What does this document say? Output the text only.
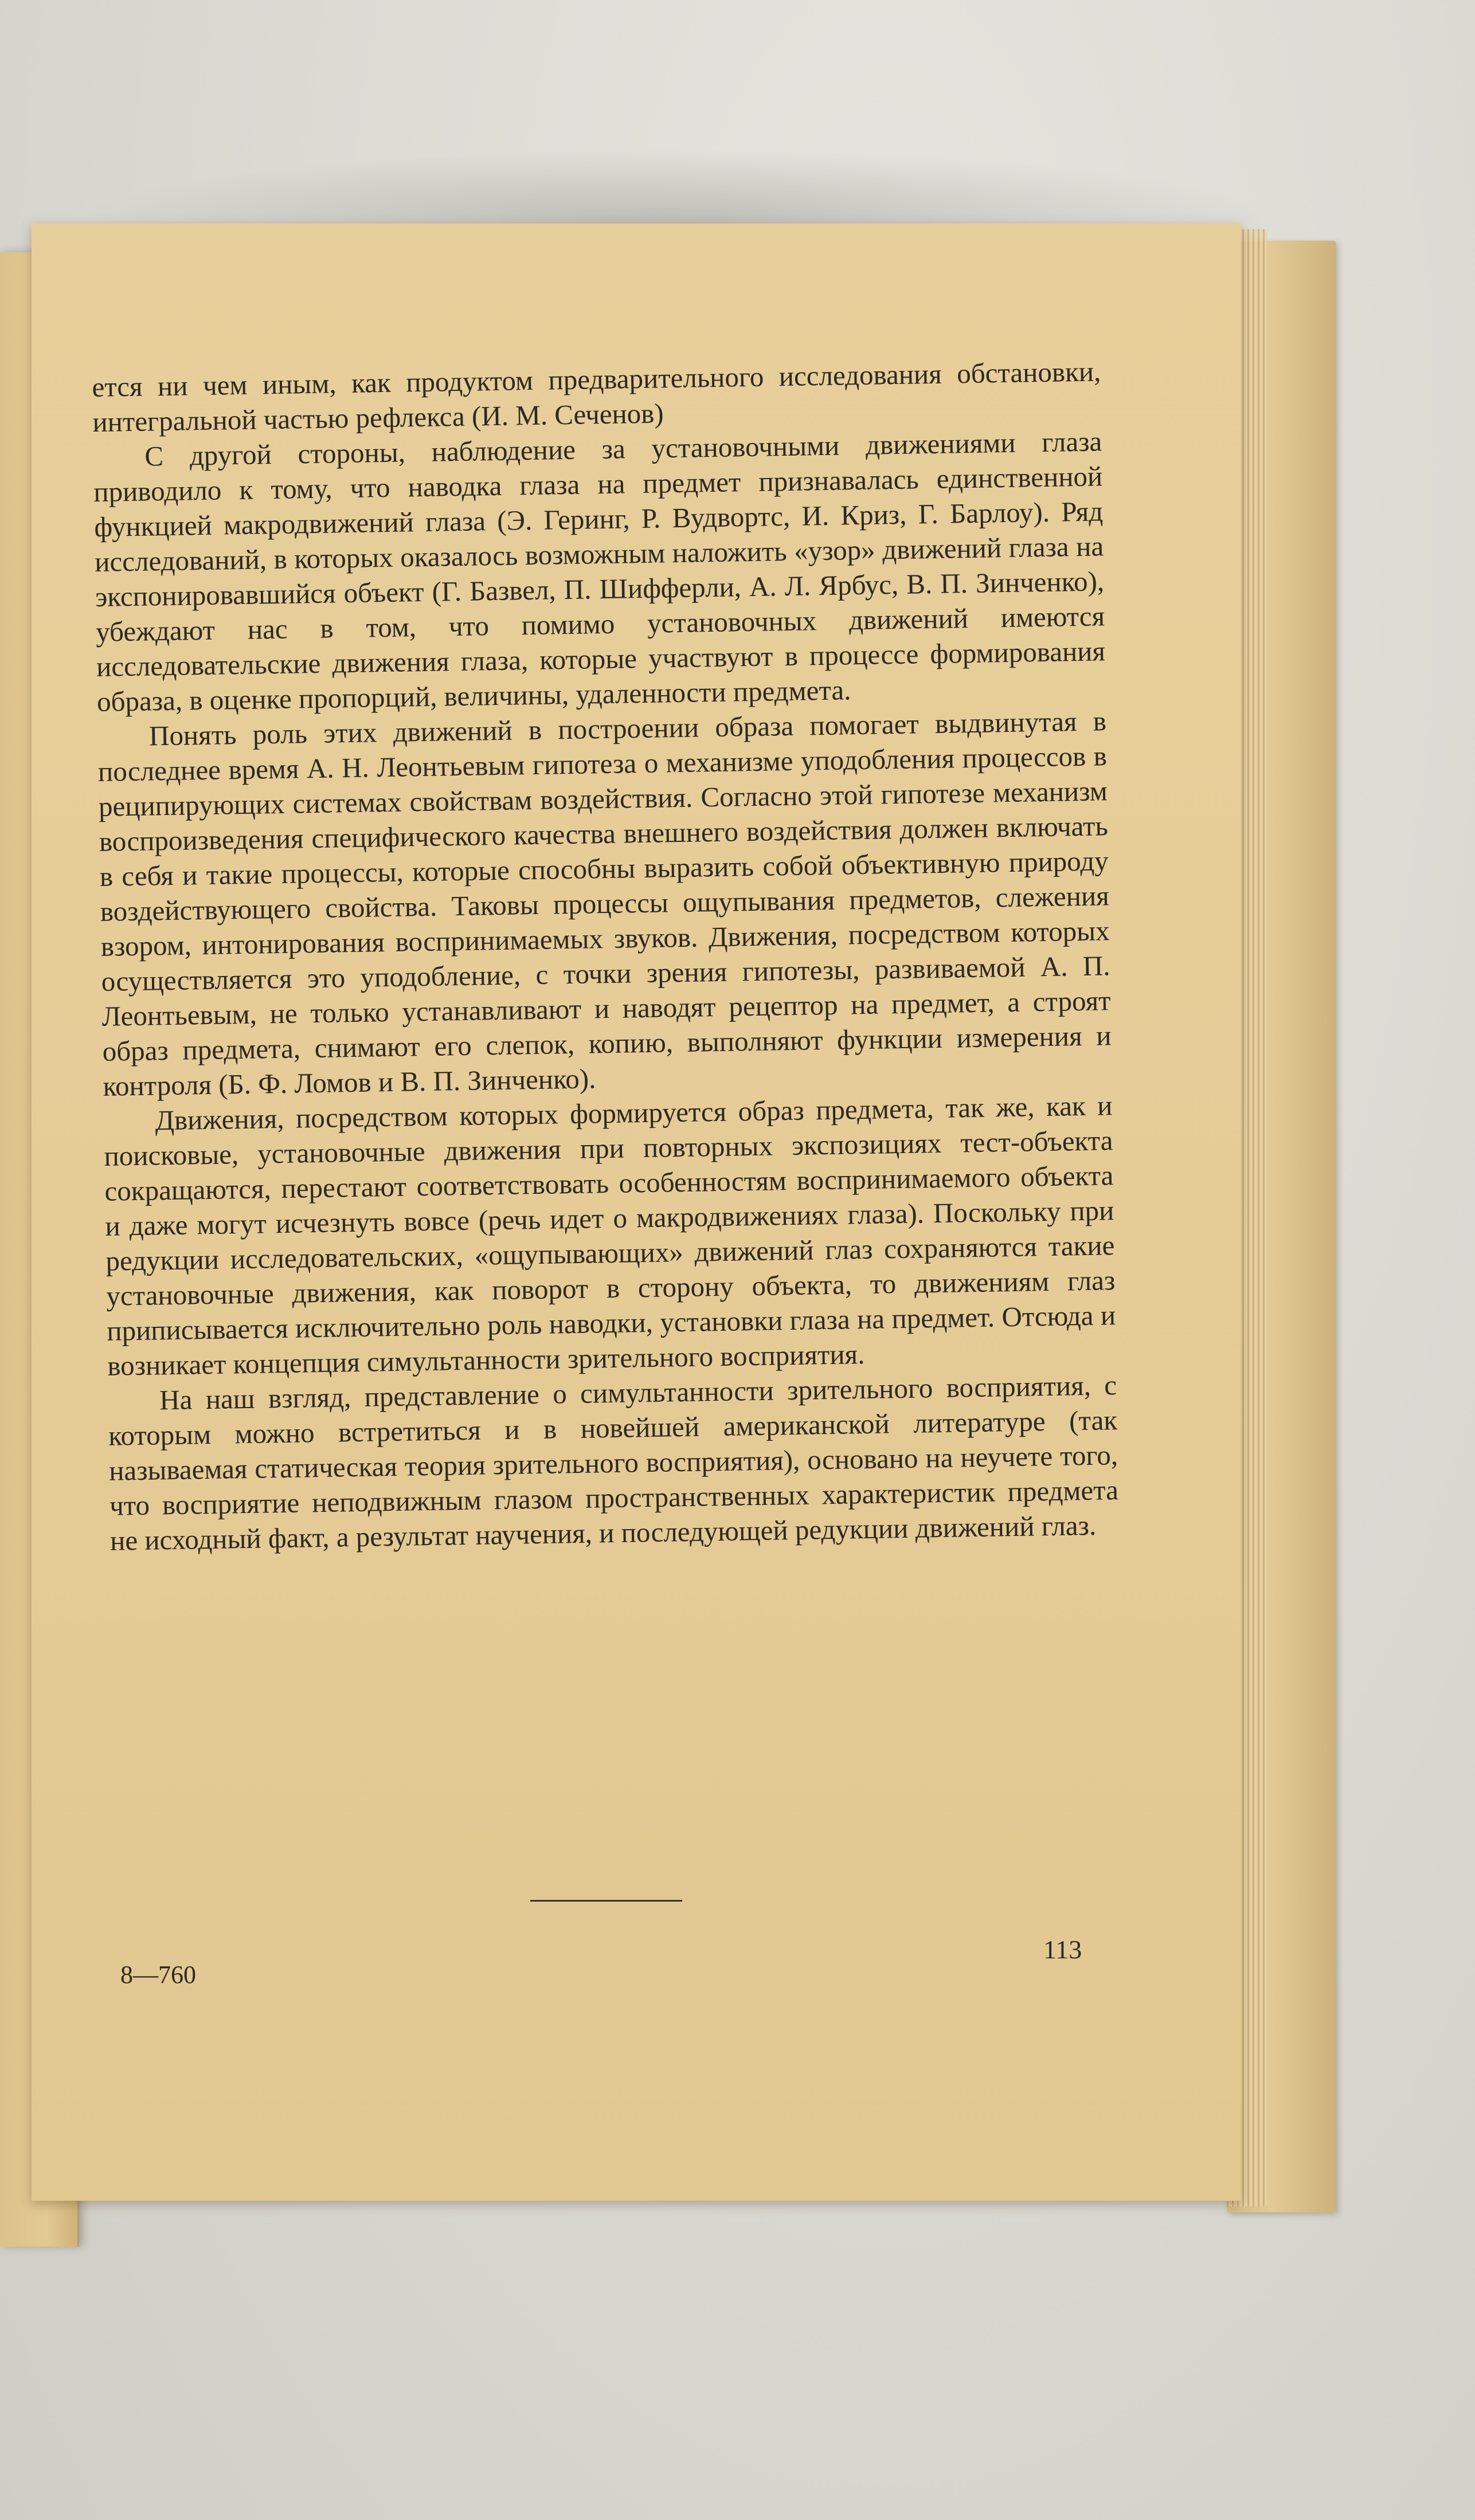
ется ни чем иным, как продуктом предварительного исследования обстановки, интегральной частью рефлекса (И. М. Сеченов)

С другой стороны, наблюдение за установочными движениями глаза приводило к тому, что наводка глаза на предмет признавалась единственной функцией макродвижений глаза (Э. Геринг, Р. Вудвортс, И. Криз, Г. Барлоу). Ряд исследований, в которых оказалось возможным наложить «узор» движений глаза на экспонировавшийся объект (Г. Базвел, П. Шифферли, А. Л. Ярбус, В. П. Зинченко), убеждают нас в том, что помимо установочных движений имеются исследовательские движения глаза, которые участвуют в процессе формирования образа, в оценке пропорций, величины, удаленности предмета.

Понять роль этих движений в построении образа помогает выдвинутая в последнее время А. Н. Леонтьевым гипотеза о механизме уподобления процессов в реципирующих системах свойствам воздействия. Согласно этой гипотезе механизм воспроизведения специфического качества внешнего воздействия должен включать в себя и такие процессы, которые способны выразить собой объективную природу воздействующего свойства. Таковы процессы ощупывания предметов, слежения взором, интонирования воспринимаемых звуков. Движения, посредством которых осуществляется это уподобление, с точки зрения гипотезы, развиваемой А. П. Леонтьевым, не только устанавливают и наводят рецептор на предмет, а строят образ предмета, снимают его слепок, копию, выполняют функции измерения и контроля (Б. Ф. Ломов и В. П. Зинченко).

Движения, посредством которых формируется образ предмета, так же, как и поисковые, установочные движения при повторных экспозициях тест-объекта сокращаются, перестают соответствовать особенностям воспринимаемого объекта и даже могут исчезнуть вовсе (речь идет о макродвижениях глаза). Поскольку при редукции исследовательских, «ощупывающих» движений глаз сохраняются такие установочные движения, как поворот в сторону объекта, то движениям глаз приписывается исключительно роль наводки, установки глаза на предмет. Отсюда и возникает концепция симультанности зрительного восприятия.

На наш взгляд, представление о симультанности зрительного восприятия, с которым можно встретиться и в новейшей американской литературе (так называемая статическая теория зрительного восприятия), основано на неучете того, что восприятие неподвижным глазом пространственных характеристик предмета не исходный факт, а результат научения, и последующей редукции движений глаз.

113
8—760
